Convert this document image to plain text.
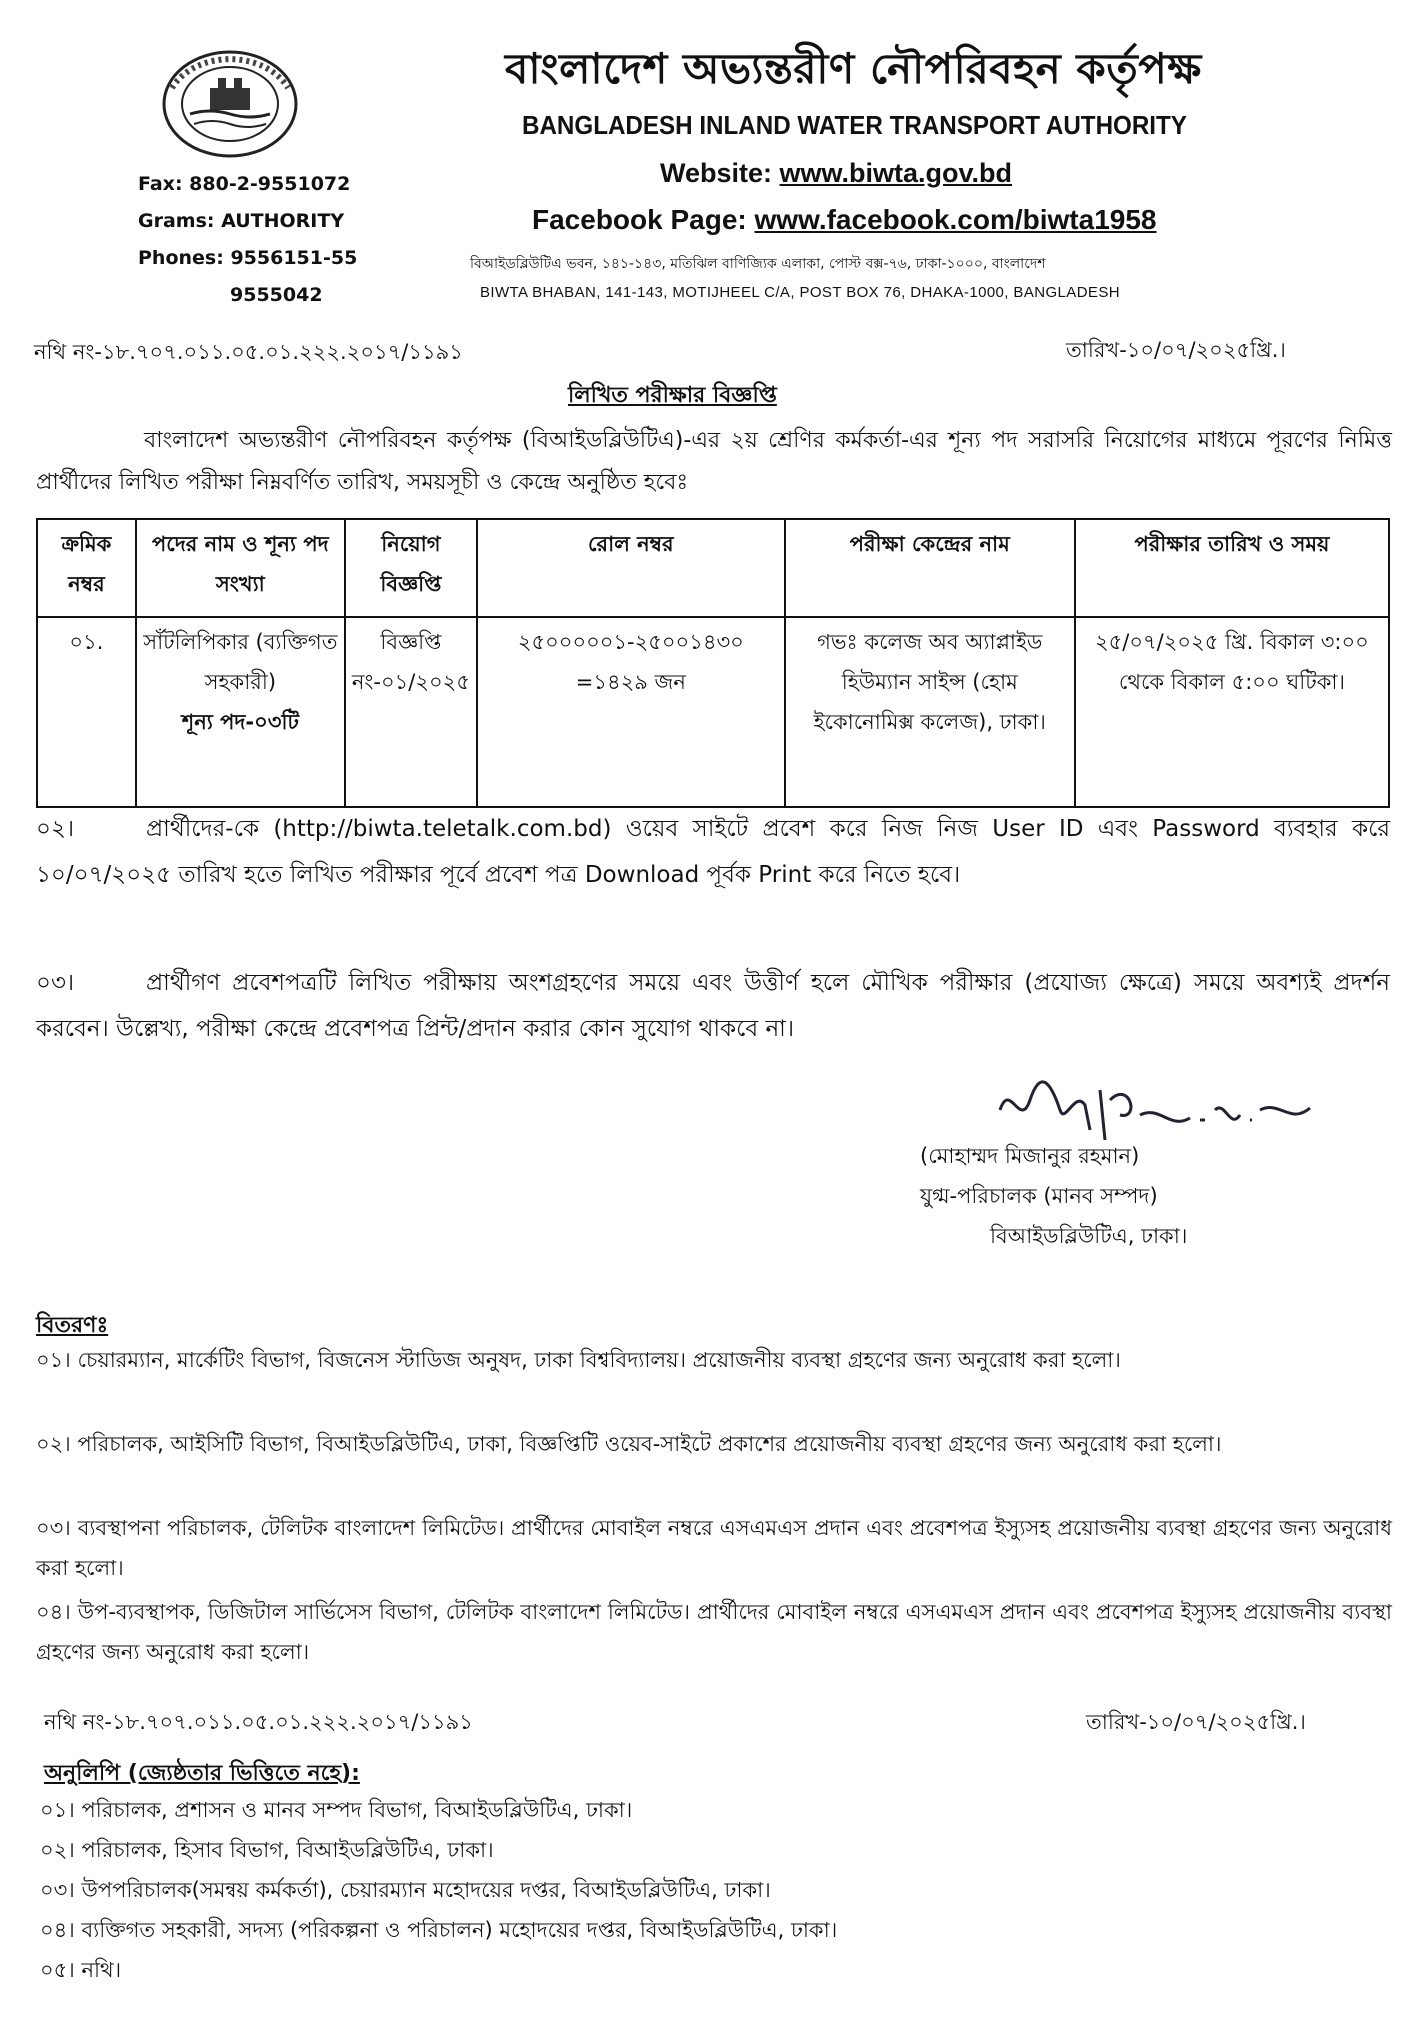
Fax: 880-2-9551072
Grams: AUTHORITY
Phones: 9556151-55
9555042
বাংলাদেশ অভ্যন্তরীণ নৌপরিবহন কর্তৃপক্ষ
BANGLADESH INLAND WATER TRANSPORT AUTHORITY
Website: www.biwta.gov.bd
Facebook Page: www.facebook.com/biwta1958
বিআইডব্লিউটিএ ভবন, ১৪১-১৪৩, মতিঝিল বাণিজ্যিক এলাকা, পোস্ট বক্স-৭৬, ঢাকা-১০০০, বাংলাদেশ
BIWTA BHABAN, 141-143, MOTIJHEEL C/A, POST BOX 76, DHAKA-1000, BANGLADESH
নথি নং-১৮.৭০৭.০১১.০৫.০১.২২২.২০১৭/১১৯১	তারিখ-১০/০৭/২০২৫খ্রি.।
লিখিত পরীক্ষার বিজ্ঞপ্তি
বাংলাদেশ অভ্যন্তরীণ নৌপরিবহন কর্তৃপক্ষ (বিআইডব্লিউটিএ)-এর ২য় শ্রেণির কর্মকর্তা-এর শূন্য পদ সরাসরি নিয়োগের মাধ্যমে পূরণের নিমিত্ত প্রার্থীদের লিখিত পরীক্ষা নিম্নবর্ণিত তারিখ, সময়সূচী ও কেন্দ্রে অনুষ্ঠিত হবেঃ
ক্রমিক নম্বর	পদের নাম ও শূন্য পদ সংখ্যা	নিয়োগ বিজ্ঞপ্তি	রোল নম্বর	পরীক্ষা কেন্দ্রের নাম	পরীক্ষার তারিখ ও সময়
০১.	সাঁটলিপিকার (ব্যক্তিগত সহকারী)
শূন্য পদ-০৩টি	বিজ্ঞপ্তি নং-০১/২০২৫	২৫০০০০০১-২৫০০১৪৩০ =১৪২৯ জন	গভঃ কলেজ অব অ্যাপ্লাইড হিউম্যান সাইন্স (হোম ইকোনোমিক্স কলেজ), ঢাকা।	২৫/০৭/২০২৫ খ্রি. বিকাল ৩:০০ থেকে বিকাল ৫:০০ ঘটিকা।
০২।	প্রার্থীদের-কে (http://biwta.teletalk.com.bd) ওয়েব সাইটে প্রবেশ করে নিজ নিজ User ID এবং Password ব্যবহার করে ১০/০৭/২০২৫ তারিখ হতে লিখিত পরীক্ষার পূর্বে প্রবেশ পত্র Download পূর্বক Print করে নিতে হবে।
০৩।	প্রার্থীগণ প্রবেশপত্রটি লিখিত পরীক্ষায় অংশগ্রহণের সময়ে এবং উত্তীর্ণ হলে মৌখিক পরীক্ষার (প্রযোজ্য ক্ষেত্রে) সময়ে অবশ্যই প্রদর্শন করবেন। উল্লেখ্য, পরীক্ষা কেন্দ্রে প্রবেশপত্র প্রিন্ট/প্রদান করার কোন সুযোগ থাকবে না।
(মোহাম্মদ মিজানুর রহমান)
যুগ্ম-পরিচালক (মানব সম্পদ)
বিআইডব্লিউটিএ, ঢাকা।
বিতরণঃ
০১। চেয়ারম্যান, মার্কেটিং বিভাগ, বিজনেস স্টাডিজ অনুষদ, ঢাকা বিশ্ববিদ্যালয়। প্রয়োজনীয় ব্যবস্থা গ্রহণের জন্য অনুরোধ করা হলো।
০২। পরিচালক, আইসিটি বিভাগ, বিআইডব্লিউটিএ, ঢাকা, বিজ্ঞপ্তিটি ওয়েব-সাইটে প্রকাশের প্রয়োজনীয় ব্যবস্থা গ্রহণের জন্য অনুরোধ করা হলো।
০৩। ব্যবস্থাপনা পরিচালক, টেলিটক বাংলাদেশ লিমিটেড। প্রার্থীদের মোবাইল নম্বরে এসএমএস প্রদান এবং প্রবেশপত্র ইস্যুসহ প্রয়োজনীয় ব্যবস্থা গ্রহণের জন্য অনুরোধ করা হলো।
০৪। উপ-ব্যবস্থাপক, ডিজিটাল সার্ভিসেস বিভাগ, টেলিটক বাংলাদেশ লিমিটেড। প্রার্থীদের মোবাইল নম্বরে এসএমএস প্রদান এবং প্রবেশপত্র ইস্যুসহ প্রয়োজনীয় ব্যবস্থা গ্রহণের জন্য অনুরোধ করা হলো।
নথি নং-১৮.৭০৭.০১১.০৫.০১.২২২.২০১৭/১১৯১	তারিখ-১০/০৭/২০২৫খ্রি.।
অনুলিপি (জ্যেষ্ঠতার ভিত্তিতে নহে):
০১। পরিচালক, প্রশাসন ও মানব সম্পদ বিভাগ, বিআইডব্লিউটিএ, ঢাকা।
০২। পরিচালক, হিসাব বিভাগ, বিআইডব্লিউটিএ, ঢাকা।
০৩। উপপরিচালক(সমন্বয় কর্মকর্তা), চেয়ারম্যান মহোদয়ের দপ্তর, বিআইডব্লিউটিএ, ঢাকা।
০৪। ব্যক্তিগত সহকারী, সদস্য (পরিকল্পনা ও পরিচালন) মহোদয়ের দপ্তর, বিআইডব্লিউটিএ, ঢাকা।
০৫। নথি।
